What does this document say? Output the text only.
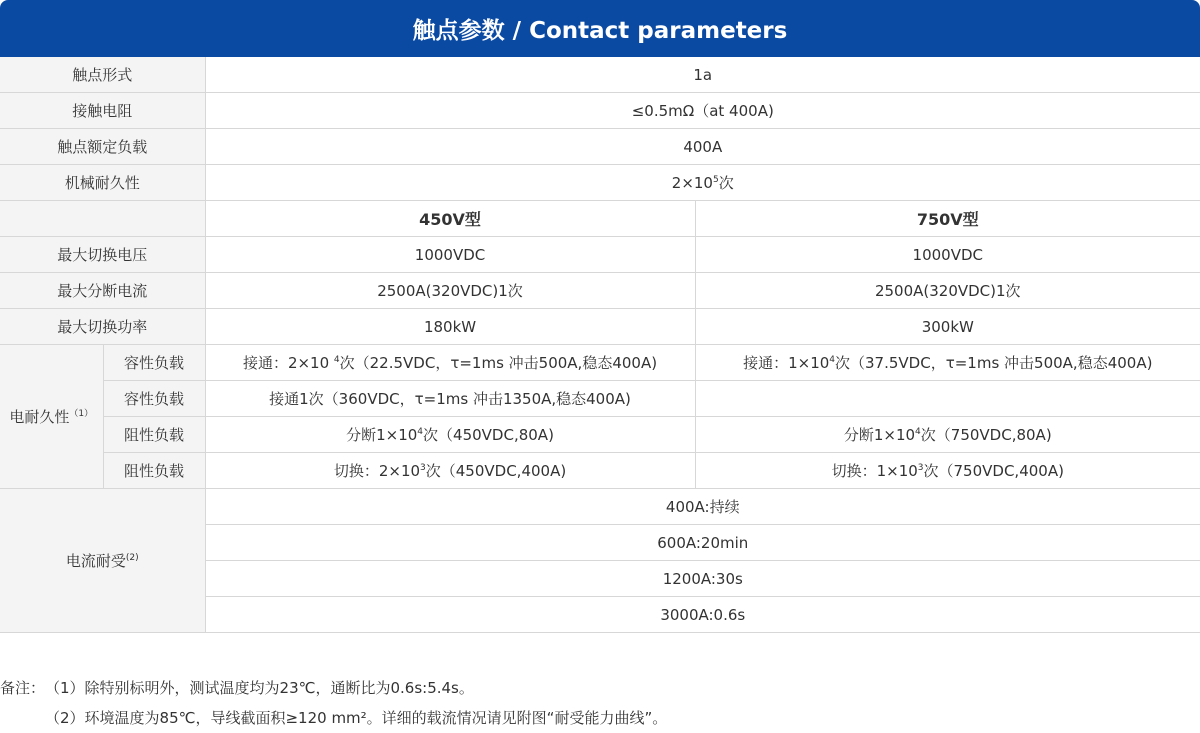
触点参数 / Contact parameters
触点形式		1a	
接触电阻		≤0.5mΩ（at 400A)	
触点额定负载		400A	
机械耐久性		$2\times 10^5$次	
		450V型	750V型
最大切换电压		1000VDC	1000VDC
最大分断电流		2500A(320VDC)1次	2500A(320VDC)1次
最大切换功率		180kW	300kW
电耐久性$^{(1)}$	容性负载	接通：2×10 $^4$次（22.5VDC，τ=1ms 冲击500A,稳态400A)	接通：$1\times 10^4$次（37.5VDC，τ=1ms 冲击500A,稳态400A)
	容性负载	接通1次（360VDC，τ=1ms 冲击1350A,稳态400A)	
	阻性负载	分断$1\times 10^4$次（450VDC,80A)	分断$1\times 10^4$次（750VDC,80A)
	阻性负载	切换：$2\times 10^3$次（450VDC,400A)	切换：$1\times 10^3$次（750VDC,400A)
电流耐受$^{(2)}$		400A:持续	
		600A:20min	
		1200A:30s	
		3000A:0.6s	
备注：（1）除特别标明外，测试温度均为23℃，通断比为0.6s:5.4s。
（2）环境温度为85℃，导线截面积≥120 mm²。详细的载流情况请见附图“耐受能力曲线”。
